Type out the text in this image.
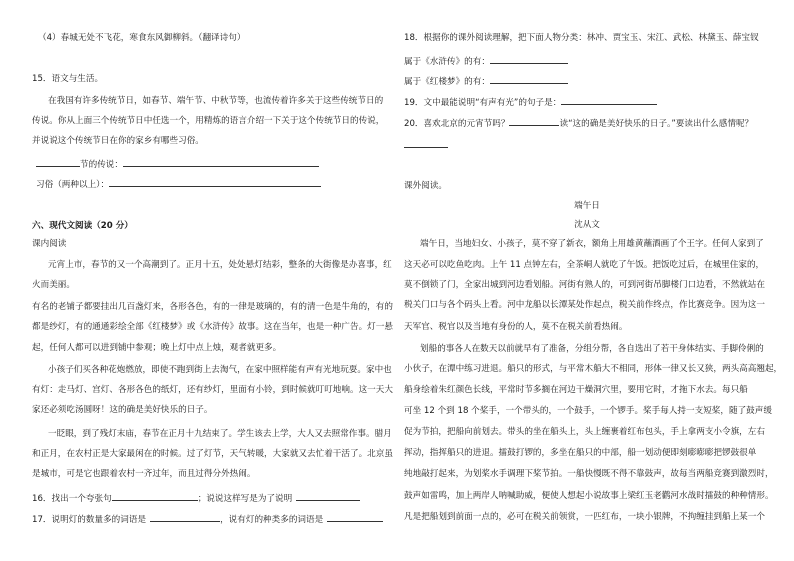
（4）春城无处不飞花，寒食东风御柳斜。（翻译诗句）
15．语文与生活。
在我国有许多传统节日，如春节、端午节、中秋节等，也流传着许多关于这些传统节日的
传说。你从上面三个传统节日中任选一个，用精炼的语言介绍一下关于这个传统节日的传说，
并说说这个传统节日在你的家乡有哪些习俗。
节的传说：
习俗（两种以上）：
六、现代文阅读（20 分）
课内阅读
元宵上市，春节的又一个高潮到了。正月十五，处处悬灯结彩，整条的大街像是办喜事，红
火而美丽。
有名的老铺子都要挂出几百盏灯来，各形各色，有的一律是玻璃的，有的清一色是牛角的，有的
都是纱灯，有的通通彩绘全部《红楼梦》或《水浒传》故事。这在当年，也是一种广告。灯一悬
起，任何人都可以进到铺中参观；晚上灯中点上烛，观者就更多。
小孩子们买各种花炮燃放，即使不跑到街上去淘气，在家中照样能有声有光地玩耍。家中也
有灯：走马灯、宫灯、各形各色的纸灯，还有纱灯，里面有小铃，到时候就叮叮地响。这一天大
家还必须吃汤圆呀！这的确是美好快乐的日子。
一眨眼，到了残灯末庙，春节在正月十九结束了。学生该去上学，大人又去照常作事。腊月
和正月，在农村正是大家最闲在的时候。过了灯节，天气转暖，大家就又去忙着干活了。北京虽
是城市，可是它也跟着农村一齐过年，而且过得分外热闹。
16．找出一个夸张句	；说说这样写是为了说明
17．说明灯的数量多的词语是	，说有灯的种类多的词语是
18．根据你的课外阅读理解，把下面人物分类：林冲、贾宝玉、宋江、武松、林黛玉、薛宝钗
属于《水浒传》的有：
属于《红楼梦》的有：
19．文中最能说明“有声有光”的句子是：
20．喜欢北京的元宵节吗？	读“这的确是美好快乐的日子。”要读出什么感情呢？
课外阅读。
端午日
沈从文
端午日，当地妇女、小孩子，莫不穿了新衣，额角上用雄黄蘸酒画了个王字。任何人家到了
这天必可以吃鱼吃肉。上午 11 点钟左右，全茶峒人就吃了午饭。把饭吃过后，在城里住家的，
莫不倒锁了门，全家出城到河边看划船。河街有熟人的，可到河街吊脚楼门口边看，不然就站在
税关门口与各个码头上看。河中龙船以长潭某处作起点，税关前作终点，作比赛竞争。因为这一
天军官、税官以及当地有身份的人，莫不在税关前看热闹。
划船的事各人在数天以前就早有了准备，分组分帮，各自选出了若干身体结实、手脚伶俐的
小伙子，在潭中练习进退。船只的形式，与平常木船大不相同，形体一律又长又狭，两头高高翘起，
船身绘着朱红颜色长线，平常时节多搁在河边干燥洞穴里，要用它时，才拖下水去。每只船
可坐 12 个到 18 个桨手，一个带头的，一个鼓手，一个锣手。桨手每人持一支短桨，随了鼓声缓
促为节拍，把船向前划去。带头的坐在船头上，头上缠裹着红布包头，手上拿两支小令旗，左右
挥动，指挥船只的进退。擂鼓打锣的，多坐在船只的中部，船一划动便即刻嘭嘭嘭把锣鼓很单
纯地敲打起来，为划桨水手调理下桨节拍。一船快慢既不得不靠鼓声，故每当两船竞赛到激烈时，
鼓声如雷鸣，加上两岸人呐喊助威，便使人想起小说故事上梁红玉老鹳河水战时擂鼓的种种情形。
凡是把船划到前面一点的，必可在税关前领赏，一匹红布，一块小银牌，不拘缠挂到船上某一个
